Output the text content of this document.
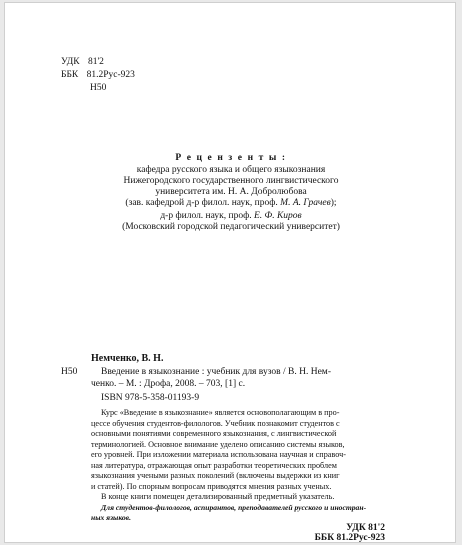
УДК 81'2
ББК 81.2Рус-923
Н50
Р е ц е н з е н т ы :
кафедра русского языка и общего языкознания
Нижегородского государственного лингвистического
университета им. Н. А. Добролюбова
(зав. кафедрой д-р филол. наук, проф. М. А. Грачев);
д-р филол. наук, проф. Е. Ф. Киров
(Московский городской педагогический университет)
Немченко, В. Н.
Н50 Введение в языкознание : учебник для вузов / В. Н. Нем-
ченко. – М. : Дрофа, 2008. – 703, [1] с.
ISBN 978-5-358-01193-9
Курс «Введение в языкознание» является основополагающим в про-
цессе обучения студентов-филологов. Учебник познакомит студентов с
основными понятиями современного языкознания, с лингвистической
терминологией. Основное внимание уделено описанию системы языков,
его уровней. При изложении материала использована научная и справоч-
ная литература, отражающая опыт разработки теоретических проблем
языкознания учеными разных поколений (включены выдержки из книг
и статей). По спорным вопросам приводятся мнения разных ученых.
В конце книги помещен детализированный предметный указатель.
Для студентов-филологов, аспирантов, преподавателей русского и иностран-
ных языков.
УДК 81'2
ББК 81.2Рус-923
